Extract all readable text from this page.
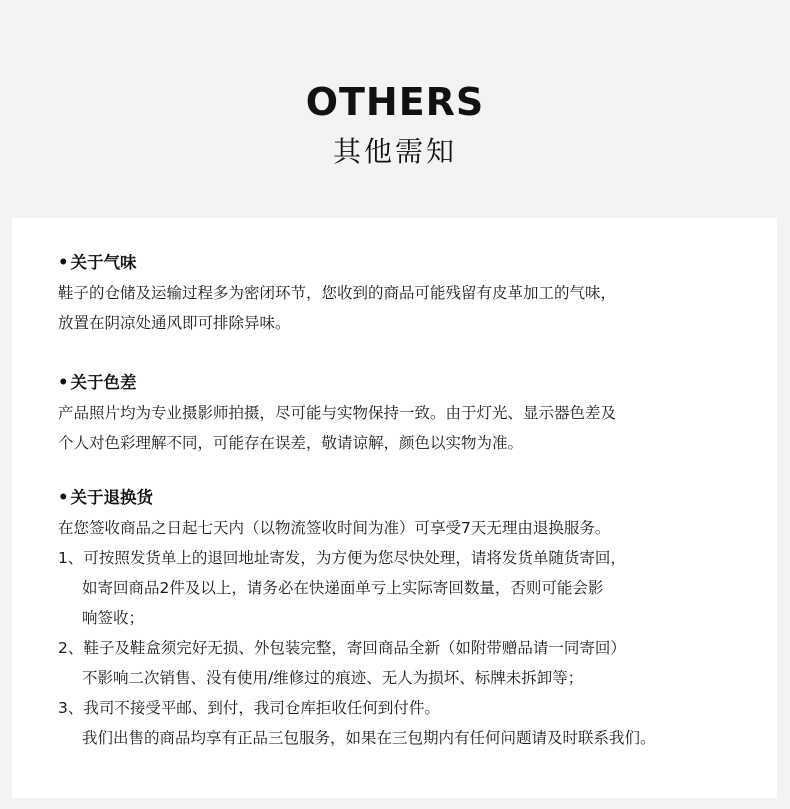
OTHERS
其他需知
• 关于气味
鞋子的仓储及运输过程多为密闭环节，您收到的商品可能残留有皮革加工的气味，
放置在阴凉处通风即可排除异味。
• 关于色差
产品照片均为专业摄影师拍摄，尽可能与实物保持一致。由于灯光、显示器色差及
个人对色彩理解不同，可能存在误差，敬请谅解，颜色以实物为准。
• 关于退换货
在您签收商品之日起七天内（以物流签收时间为准）可享受7天无理由退换服务。
1、可按照发货单上的退回地址寄发，为方便为您尽快处理，请将发货单随货寄回，
如寄回商品2件及以上，请务必在快递面单亏上实际寄回数量，否则可能会影
响签收；
2、鞋子及鞋盒须完好无损、外包装完整，寄回商品全新（如附带赠品请一同寄回）
不影响二次销售、没有使用/维修过的痕迹、无人为损坏、标牌未拆卸等；
3、我司不接受平邮、到付，我司仓库拒收任何到付件。
我们出售的商品均享有正品三包服务，如果在三包期内有任何问题请及时联系我们。
